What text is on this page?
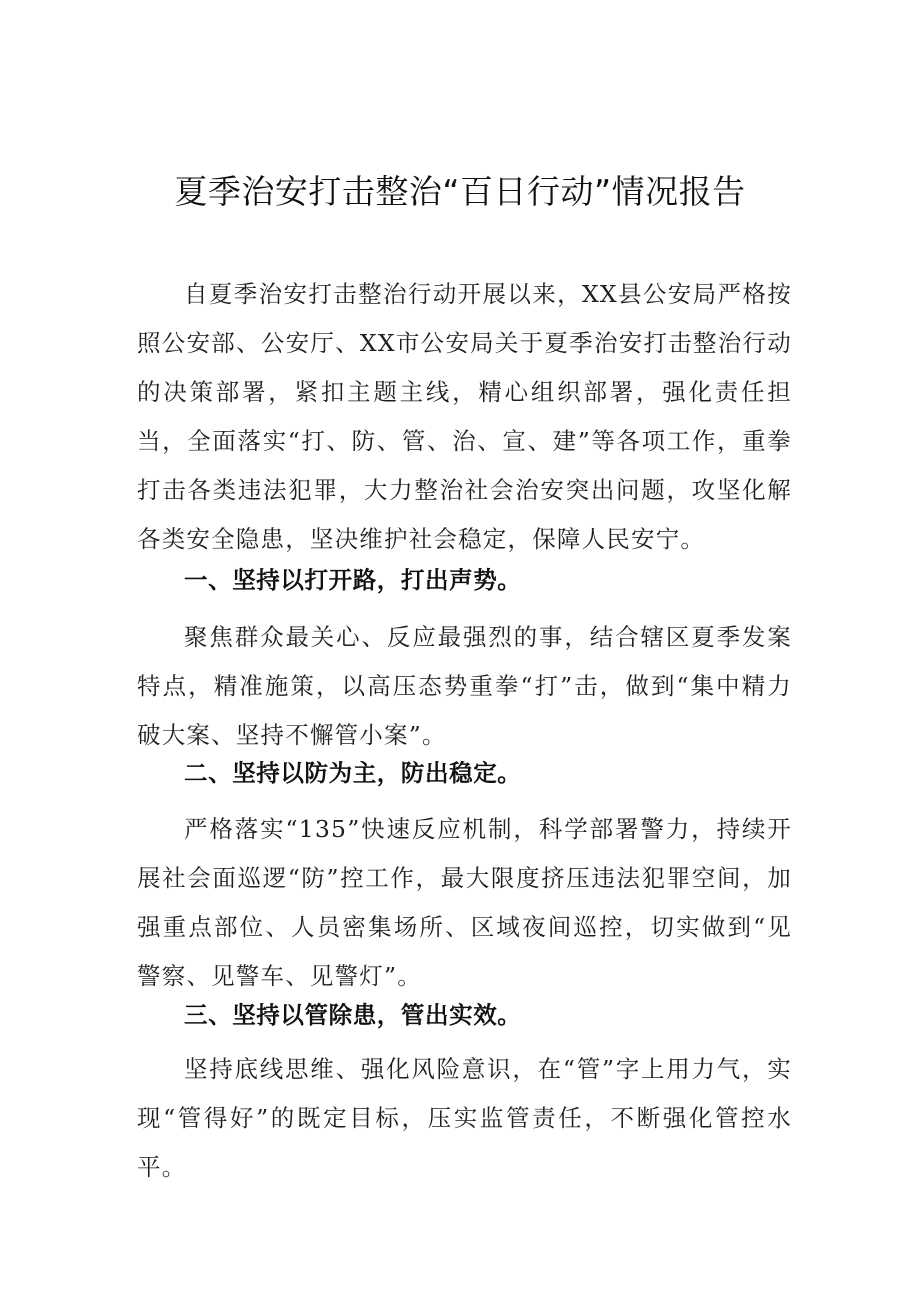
夏季治安打击整治“百日行动”情况报告

自夏季治安打击整治行动开展以来，XX县公安局严格按照公安部、公安厅、XX市公安局关于夏季治安打击整治行动的决策部署，紧扣主题主线，精心组织部署，强化责任担当，全面落实“打、防、管、治、宣、建”等各项工作，重拳打击各类违法犯罪，大力整治社会治安突出问题，攻坚化解各类安全隐患，坚决维护社会稳定，保障人民安宁。

一、坚持以打开路，打出声势。

聚焦群众最关心、反应最强烈的事，结合辖区夏季发案特点，精准施策，以高压态势重拳“打”击，做到“集中精力破大案、坚持不懈管小案”。

二、坚持以防为主，防出稳定。

严格落实“135”快速反应机制，科学部署警力，持续开展社会面巡逻“防”控工作，最大限度挤压违法犯罪空间，加强重点部位、人员密集场所、区域夜间巡控，切实做到“见警察、见警车、见警灯”。

三、坚持以管除患，管出实效。

坚持底线思维、强化风险意识，在“管”字上用力气，实现“管得好”的既定目标，压实监管责任，不断强化管控水平。
